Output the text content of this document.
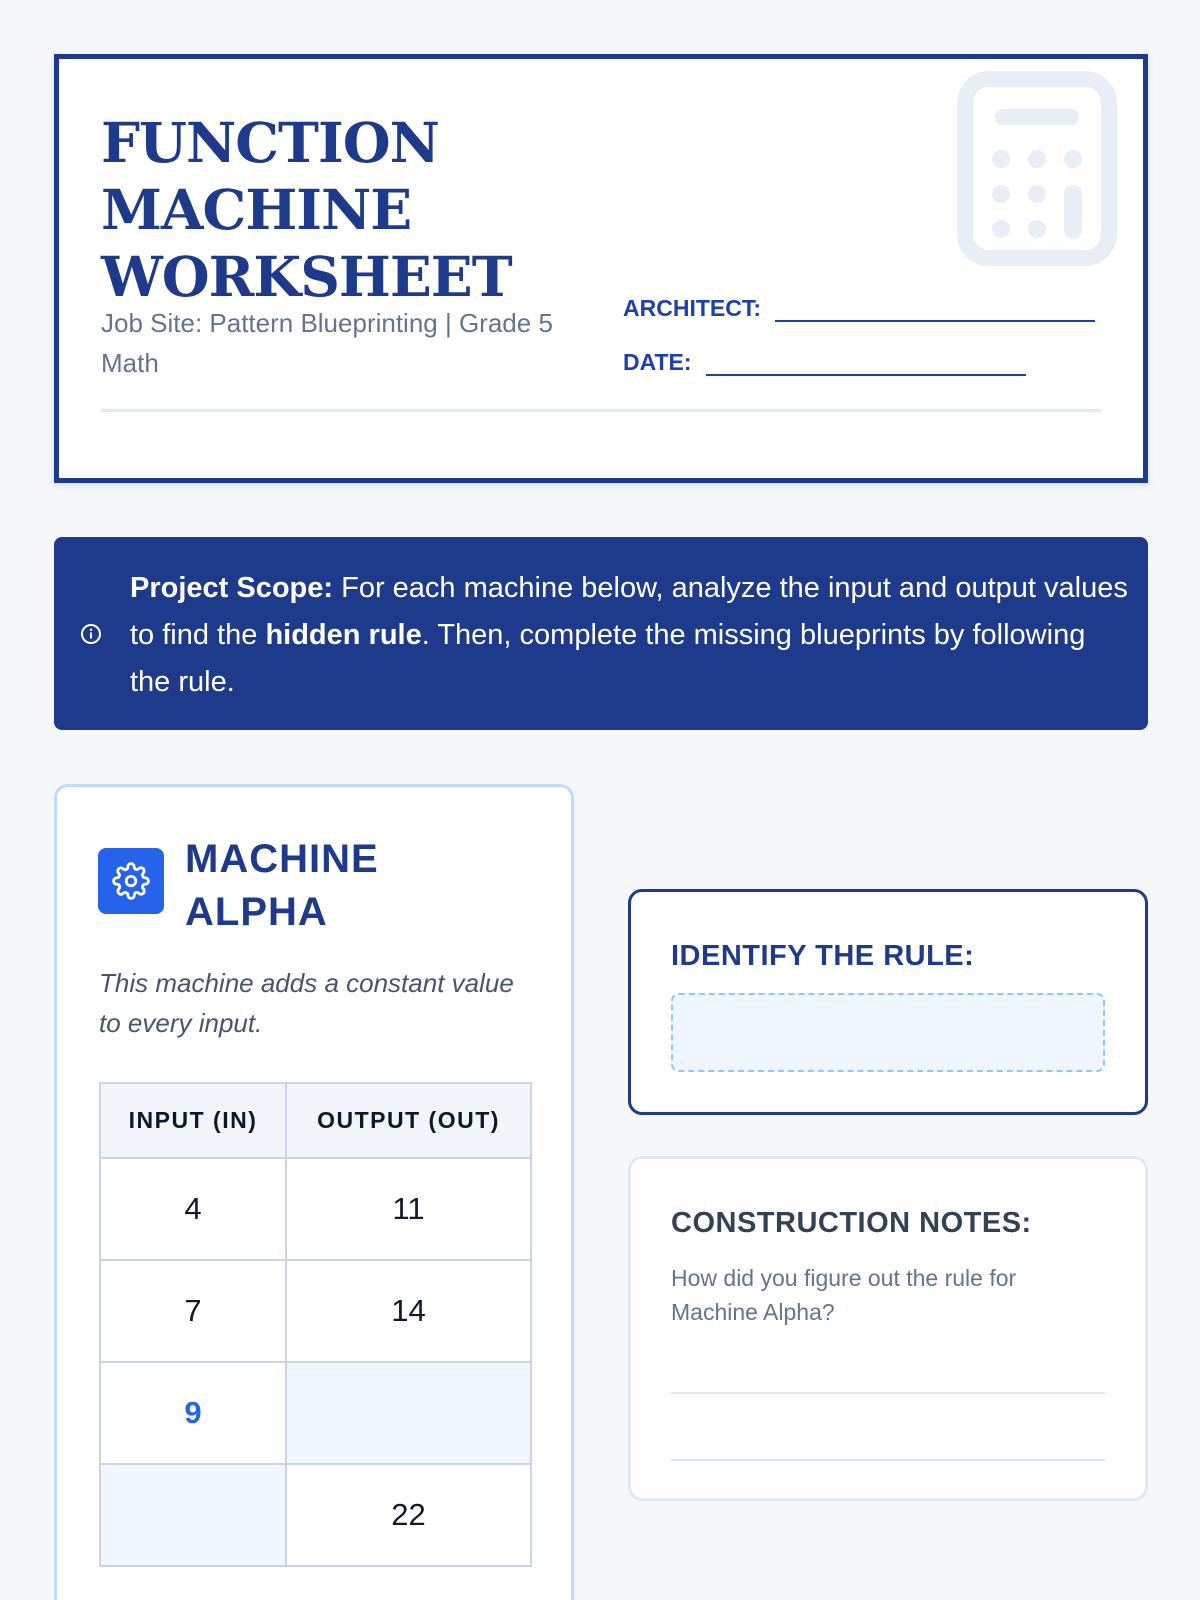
FUNCTION
MACHINE
WORKSHEET

Job Site: Pattern Blueprinting | Grade 5 Math

ARCHITECT:
DATE:

Project Scope: For each machine below, analyze the input and output values to find the hidden rule. Then, complete the missing blueprints by following the rule.

MACHINE
ALPHA

This machine adds a constant value to every input.

INPUT (IN)	OUTPUT (OUT)
4	11
7	14
9	
	22
IDENTIFY THE RULE:
CONSTRUCTION NOTES:

How did you figure out the rule for Machine Alpha?
